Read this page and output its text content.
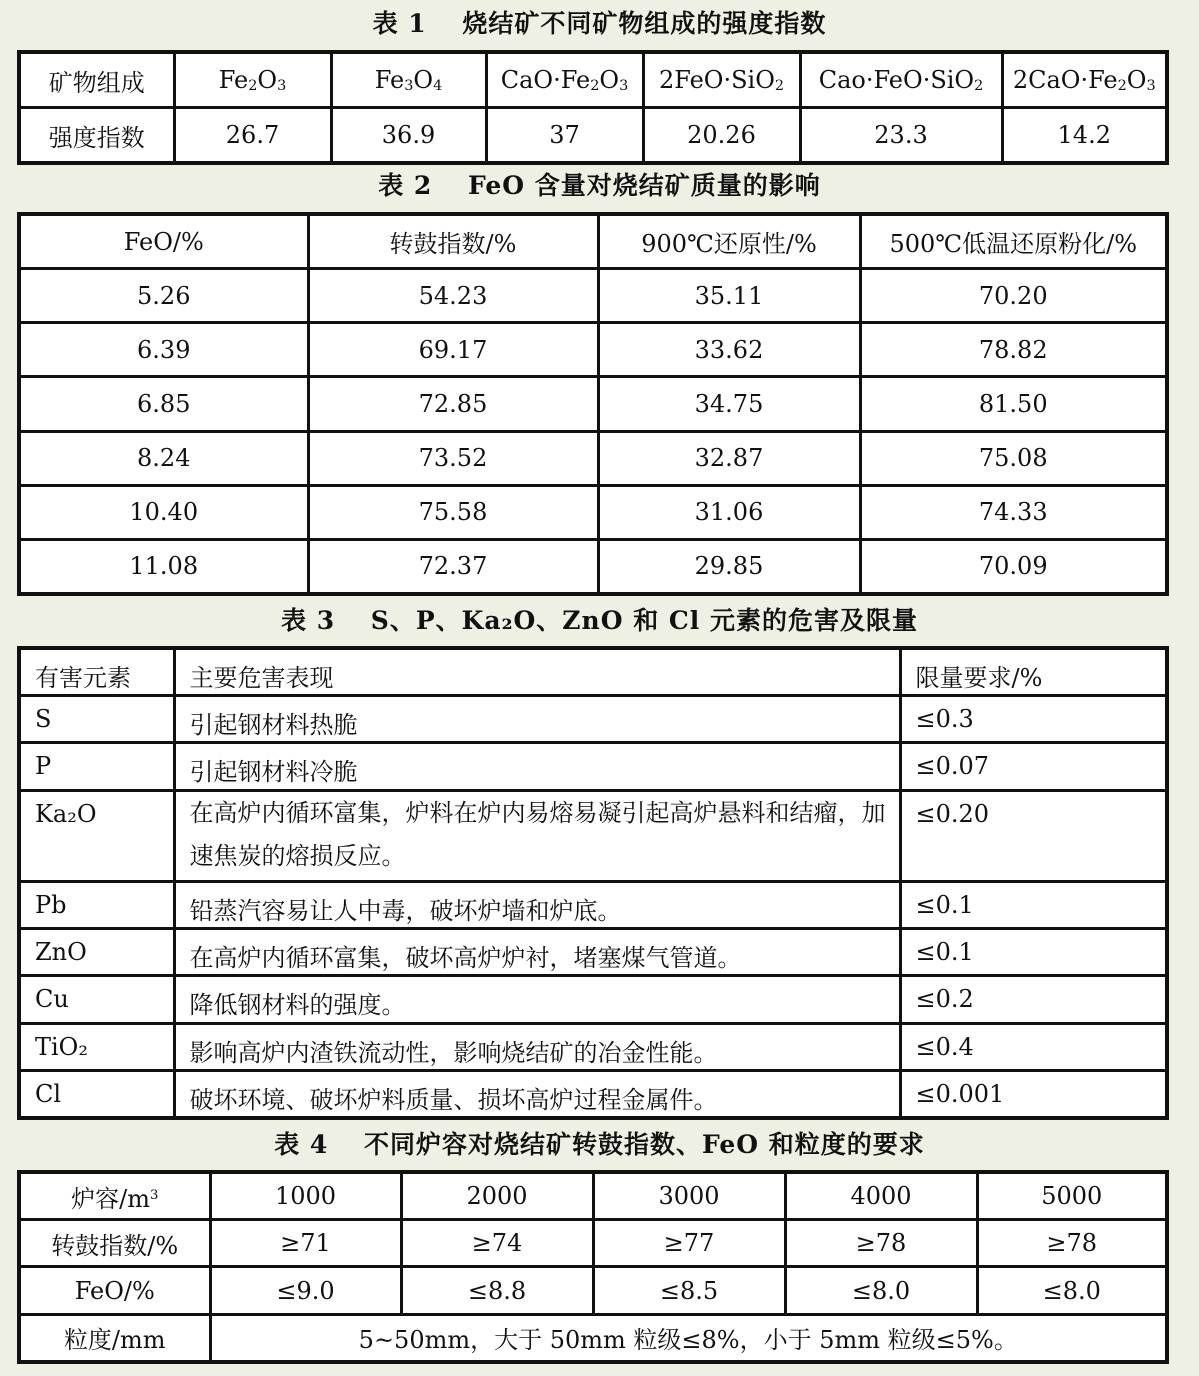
表 1　 烧结矿不同矿物组成的强度指数
矿物组成	$Fe_2O_3$	$Fe_3O_4$	$CaO\cdot Fe_2O_3$	2FeO·SiO$_2$	Cao·FeO·SiO$_2$	$2CaO\cdot Fe_2O_3$
强度指数	26.7	36.9	37	20.26	23.3	14.2
表 2　 FeO 含量对烧结矿质量的影响
FeO/%	转鼓指数/%	900℃还原性/%	500℃低温还原粉化/%
5.26	54.23	35.11	70.20
6.39	69.17	33.62	78.82
6.85	72.85	34.75	81.50
8.24	73.52	32.87	75.08
10.40	75.58	31.06	74.33
11.08	72.37	29.85	70.09
表 3　 S、P、Ka₂O、ZnO 和 Cl 元素的危害及限量
有害元素	主要危害表现	限量要求/%
S	引起钢材料热脆	≤0.3
P	引起钢材料冷脆	≤0.07
Ka₂O	在高炉内循环富集，炉料在炉内易熔易凝引起高炉悬料和结瘤，加速焦炭的熔损反应。	≤0.20
Pb	铅蒸汽容易让人中毒，破坏炉墙和炉底。	≤0.1
ZnO	在高炉内循环富集，破坏高炉炉衬，堵塞煤气管道。	≤0.1
Cu	降低钢材料的强度。	≤0.2
TiO₂	影响高炉内渣铁流动性，影响烧结矿的冶金性能。	≤0.4
Cl	破坏环境、破坏炉料质量、损坏高炉过程金属件。	≤0.001
表 4　 不同炉容对烧结矿转鼓指数、FeO 和粒度的要求
炉容$/m^3$	1000	2000	3000	4000	5000
转鼓指数/%	≥71	≥74	≥77	≥78	≥78
FeO/%	≤9.0	≤8.8	≤8.5	≤8.0	≤8.0
粒度/mm	5~50mm，大于 50mm 粒级≤8%，小于 5mm 粒级≤5%。				
